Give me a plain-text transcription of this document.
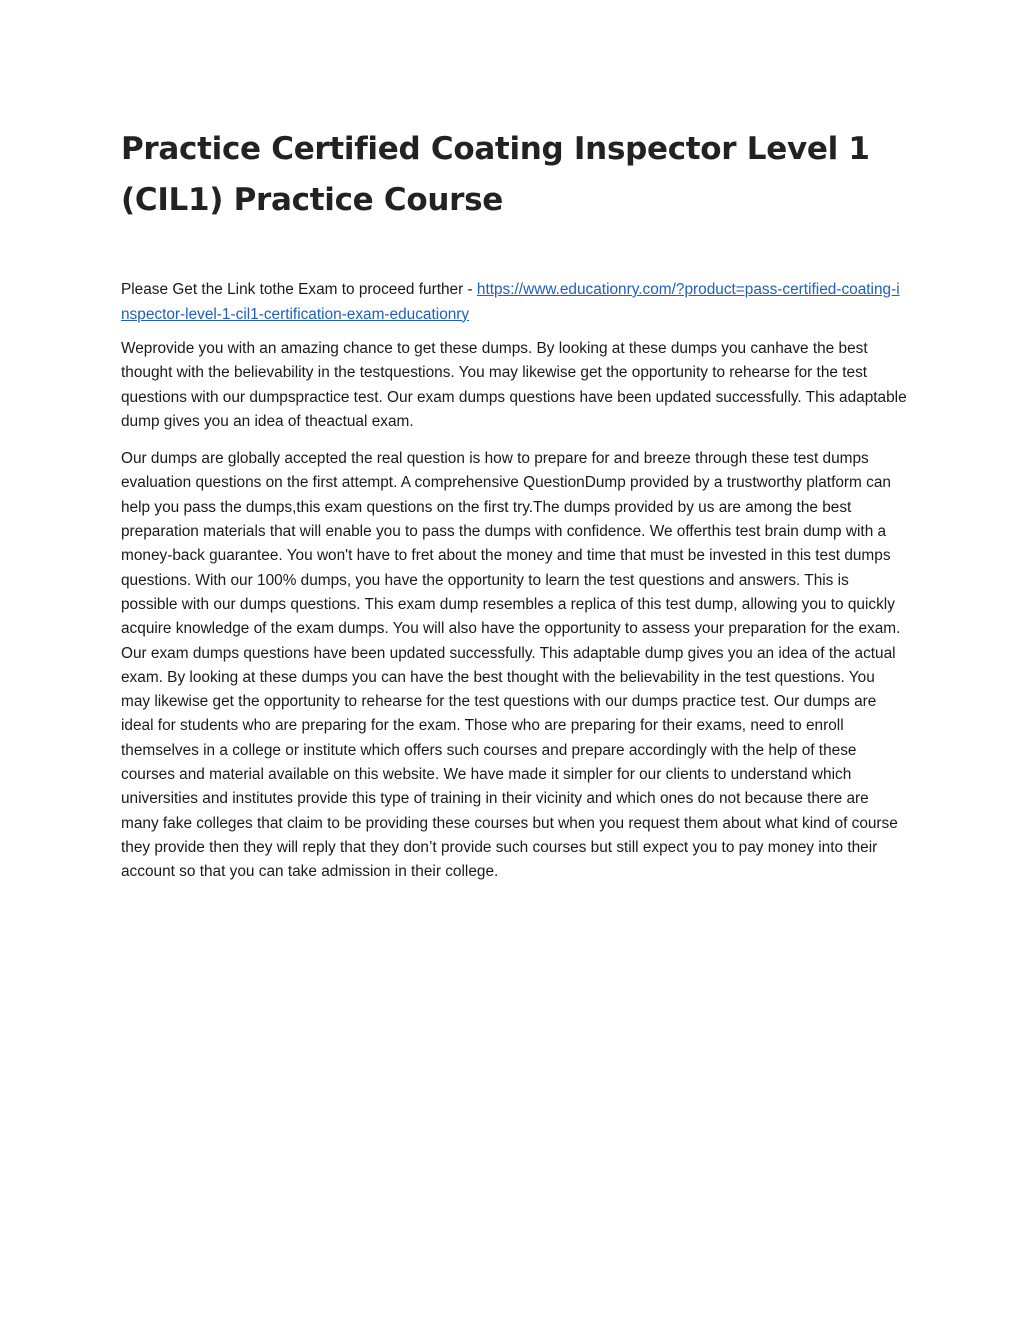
Practice Certified Coating Inspector Level 1
(CIL1) Practice Course

Please Get the Link tothe Exam to proceed further - https://www.educationry.com/?product=pass-certified-coating-inspector-level-1-cil1-certification-exam-educationry

Weprovide you with an amazing chance to get these dumps. By looking at these dumps you canhave the best thought with the believability in the testquestions. You may likewise get the opportunity to rehearse for the test questions with our dumpspractice test. Our exam dumps questions have been updated successfully. This adaptable dump gives you an idea of theactual exam.

Our dumps are globally accepted the real question is how to prepare for and breeze through these test dumps evaluation questions on the first attempt. A comprehensive QuestionDump provided by a trustworthy platform can help you pass the dumps,this exam questions on the first try.The dumps provided by us are among the best preparation materials that will enable you to pass the dumps with confidence. We offerthis test brain dump with a money-back guarantee. You won't have to fret about the money and time that must be invested in this test dumps questions. With our 100% dumps, you have the opportunity to learn the test questions and answers. This is possible with our dumps questions. This exam dump resembles a replica of this test dump, allowing you to quickly acquire knowledge of the exam dumps. You will also have the opportunity to assess your preparation for the exam. Our exam dumps questions have been updated successfully. This adaptable dump gives you an idea of the actual exam. By looking at these dumps you can have the best thought with the believability in the test questions. You may likewise get the opportunity to rehearse for the test questions with our dumps practice test. Our dumps are ideal for students who are preparing for the exam. Those who are preparing for their exams, need to enroll themselves in a college or institute which offers such courses and prepare accordingly with the help of these courses and material available on this website. We have made it simpler for our clients to understand which universities and institutes provide this type of training in their vicinity and which ones do not because there are many fake colleges that claim to be providing these courses but when you request them about what kind of course they provide then they will reply that they don’t provide such courses but still expect you to pay money into their account so that you can take admission in their college.
